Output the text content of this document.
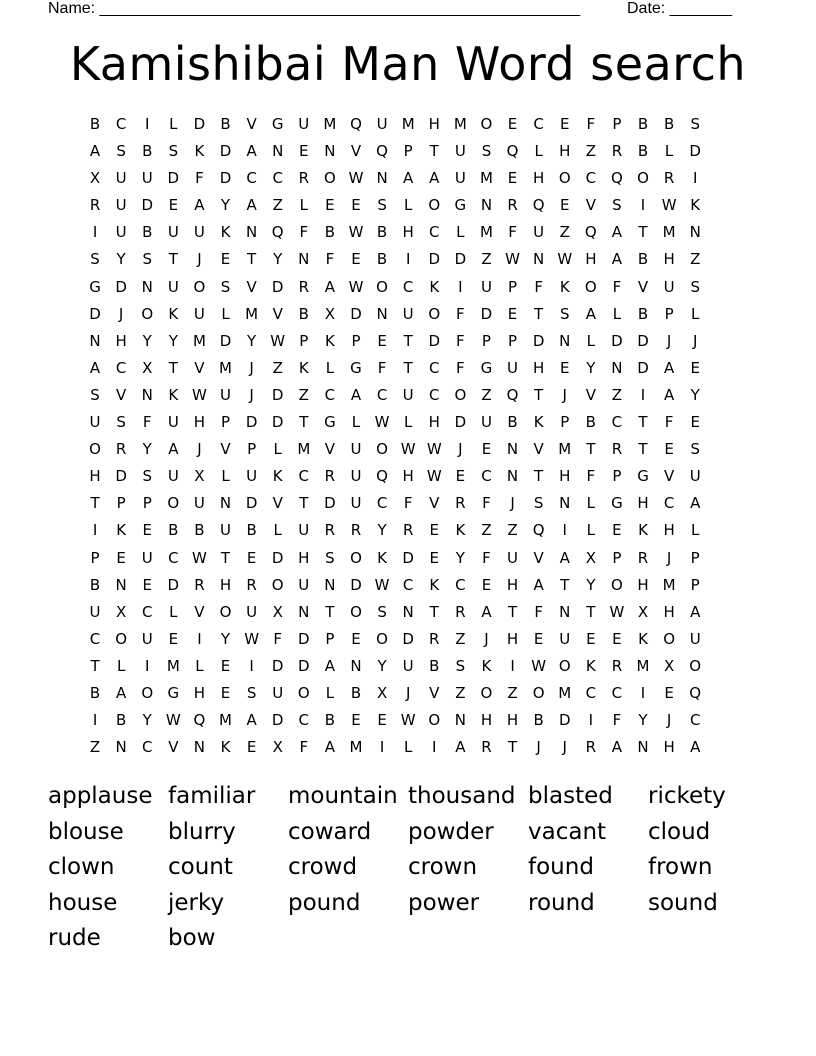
Name: ______________________________________________________

	Date: _______

Kamishibai Man Word search
B	C	I	L	D	B	V	G U M Q U M H M O	E	C	E	F	P	B	B	S
A	S	B	S	K	D	A	N	E	N	V	Q	P	T	U	S	Q	L	H	Z	R	B	L	D
X	U	U D	F	D	C	C	R O W N	A	A	U M E	H O C Q O R	I
R	U D	E	A	Y	A	Z	L	E	E	S	L	O G N	R Q	E	V	S	I	W K
I	U	B	U	U	K	N Q	F	B W B	H	C	L	M	F	U	Z	Q	A	T	M N
S	Y	S	T	J	E	T	Y	N	F	E	B	I	D D	Z W N W H	A	B	H	Z
G D N U O	S	V	D	R	A W O C	K	I	U	P	F	K	O	F	V	U	S
D	J	O	K	U	L	M V	B	X	D N U O	F	D	E	T	S	A	L	B	P	L
N H	Y	Y	M D	Y W P	K	P	E	T	D	F	P	P	D N	L	D D	J	J
A	C	X	T	V M	J	Z	K	L	G	F	T	C	F	G U H	E	Y	N D	A	E
S	V	N	K W U	J	D	Z	C	A	C	U	C O	Z	Q	T	J	V	Z	I	A	Y
U	S	F	U H	P	D D	T	G	L W L	H D U	B	K	P	B	C	T	F	E
O R	Y	A	J	V	P	L	M V	U O W W	J	E	N	V M	T	R	T	E	S
H D	S	U	X	L	U	K	C	R	U Q H W E	C	N	T	H	F	P	G	V	U
T	P	P	O U N D	V	T	D U	C	F	V	R	F	J	S	N	L	G H	C	A
I	K	E	B	B	U	B	L	U	R	R	Y	R	E	K	Z	Z	Q	I	L	E	K	H	L
P	E	U	C W T	E	D H	S	O	K	D	E	Y	F	U	V	A	X	P	R	J	P
B	N	E	D	R	H	R O U N D W C	K	C	E	H	A	T	Y	O H M	P
U	X	C	L	V	O U	X	N	T	O	S	N	T	R	A	T	F	N	T W X	H	A
C O U	E	I	Y W F	D	P	E	O D	R	Z	J	H	E	U	E	E	K	O U
T	L	I	M	L	E	I	D D	A	N	Y	U	B	S	K	I	W O	K	R M X	O
B	A	O G H	E	S	U O	L	B	X	J	V	Z	O	Z	O M C	C	I	E	Q
I	B	Y W Q M A	D	C	B	E	E W O N H H	B	D	I	F	Y	J	C
Z	N	C	V	N	K	E	X	F	A M	I	L	I	A	R	T	J	J	R	A	N H	A
applause familiar	mountain thousand blasted	rickety
blouse	blurry	coward	powder	vacant	cloud
clown	count	crowd	crown	found	frown
house	jerky	pound	power	round	sound
rude	bow
